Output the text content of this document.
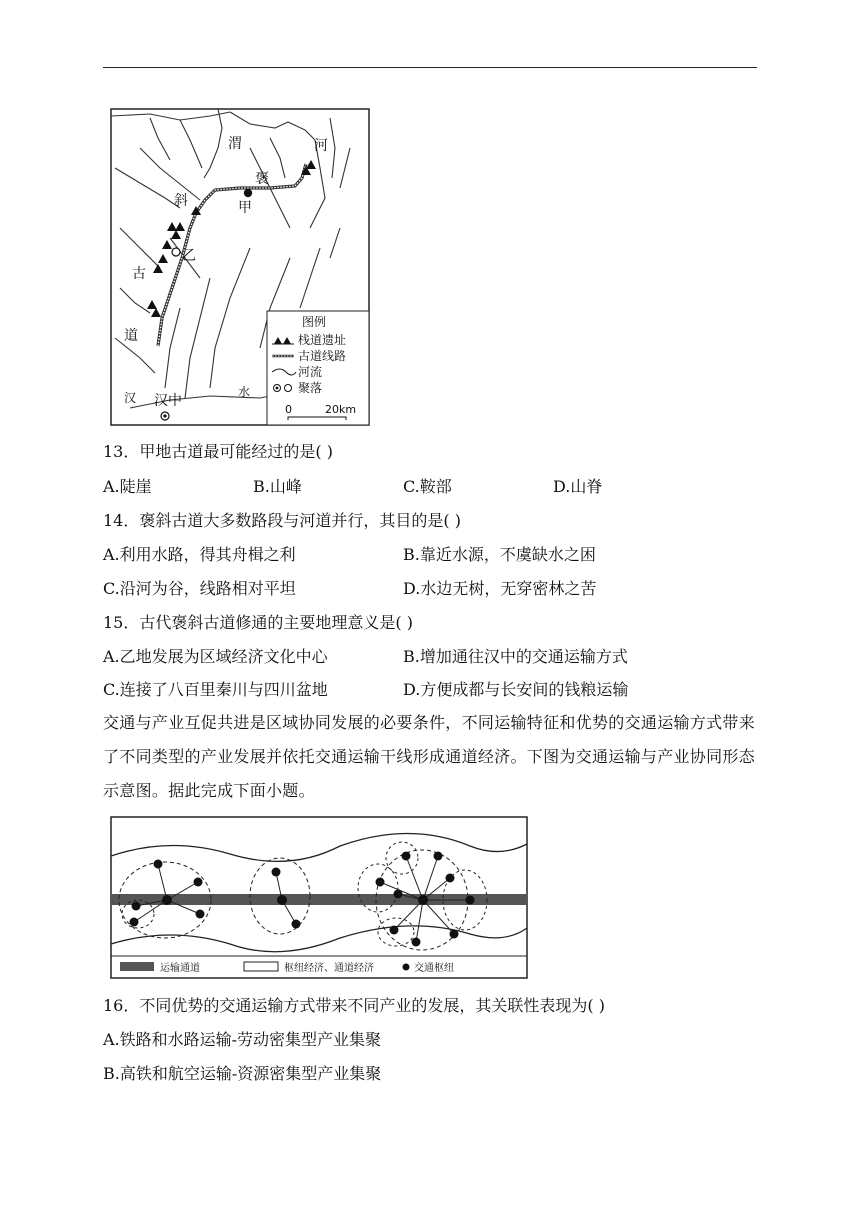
渭	河
褒
甲
斜
乙
古
道
汉	水
汉中
图例
栈道遗址
古道线路
河流
聚落
0	20km
13．甲地古道最可能经过的是( )
A.陡崖	B.山峰	C.鞍部	D.山脊
14．褒斜古道大多数路段与河道并行，其目的是( )
A.利用水路，得其舟楫之利	B.靠近水源，不虞缺水之困
C.沿河为谷，线路相对平坦	D.水边无树，无穿密林之苦
15．古代褒斜古道修通的主要地理意义是( )
A.乙地发展为区域经济文化中心	B.增加通往汉中的交通运输方式
C.连接了八百里秦川与四川盆地	D.方便成都与长安间的钱粮运输
交通与产业互促共进是区域协同发展的必要条件，不同运输特征和优势的交通运输方式带来了不同类型的产业发展并依托交通运输干线形成通道经济。下图为交通运输与产业协同形态示意图。据此完成下面小题。
运输通道	枢纽经济、通道经济	交通枢纽
16．不同优势的交通运输方式带来不同产业的发展，其关联性表现为( )
A.铁路和水路运输-劳动密集型产业集聚
B.高铁和航空运输-资源密集型产业集聚
